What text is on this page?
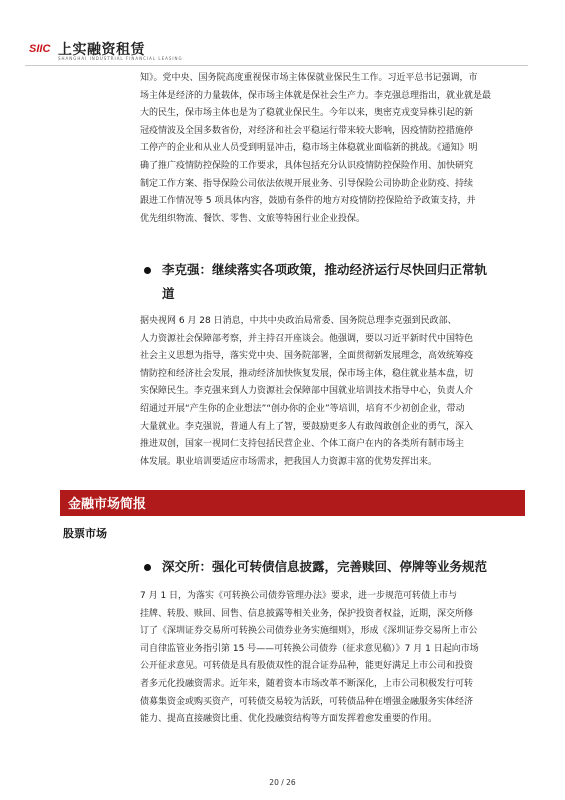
SIIC 上实融资租赁
SHANGHAI INDUSTRIAL FINANCIAL LEASING
知》。党中央、国务院高度重视保市场主体保就业保民生工作。习近平总书记强调，市
场主体是经济的力量载体，保市场主体就是保社会生产力。李克强总理指出，就业就是最
大的民生，保市场主体也是为了稳就业保民生。今年以来，奥密克戎变异株引起的新
冠疫情波及全国多数省份，对经济和社会平稳运行带来较大影响，因疫情防控措施停
工停产的企业和从业人员受到明显冲击，稳市场主体稳就业面临新的挑战。《通知》明
确了推广疫情防控保险的工作要求，具体包括充分认识疫情防控保险作用、加快研究
制定工作方案、指导保险公司依法依规开展业务、引导保险公司协助企业防疫、持续
跟进工作情况等 5 项具体内容，鼓励有条件的地方对疫情防控保险给予政策支持，并
优先组织物流、餐饮、零售、文旅等特困行业企业投保。
李克强：继续落实各项政策，推动经济运行尽快回归正常轨
道
据央视网 6 月 28 日消息，中共中央政治局常委、国务院总理李克强到民政部、
人力资源社会保障部考察，并主持召开座谈会。他强调，要以习近平新时代中国特色
社会主义思想为指导，落实党中央、国务院部署，全面贯彻新发展理念，高效统筹疫
情防控和经济社会发展，推动经济加快恢复发展，保市场主体，稳住就业基本盘，切
实保障民生。李克强来到人力资源社会保障部中国就业培训技术指导中心，负责人介
绍通过开展“产生你的企业想法”“创办你的企业”等培训，培育不少初创企业，带动
大量就业。李克强说，普通人有上了智，要鼓励更多人有敢闯敢创企业的勇气，深入
推进双创，国家一视同仁支持包括民营企业、个体工商户在内的各类所有制市场主
体发展。职业培训要适应市场需求，把我国人力资源丰富的优势发挥出来。
金融市场简报
股票市场
深交所：强化可转债信息披露，完善赎回、停牌等业务规范
7 月 1 日，为落实《可转换公司债券管理办法》要求，进一步规范可转债上市与
挂牌、转股、赎回、回售、信息披露等相关业务，保护投资者权益，近期，深交所修
订了《深圳证券交易所可转换公司债券业务实施细则》，形成《深圳证券交易所上市公
司自律监管业务指引第 15 号——可转换公司债券（征求意见稿）》7 月 1 日起向市场
公开征求意见。可转债是具有股债双性的混合证券品种，能更好满足上市公司和投资
者多元化投融资需求。近年来，随着资本市场改革不断深化，上市公司积极发行可转
债募集资金或购买资产，可转债交易较为活跃，可转债品种在增强金融服务实体经济
能力、提高直接融资比重、优化投融资结构等方面发挥着愈发重要的作用。
20 / 26
